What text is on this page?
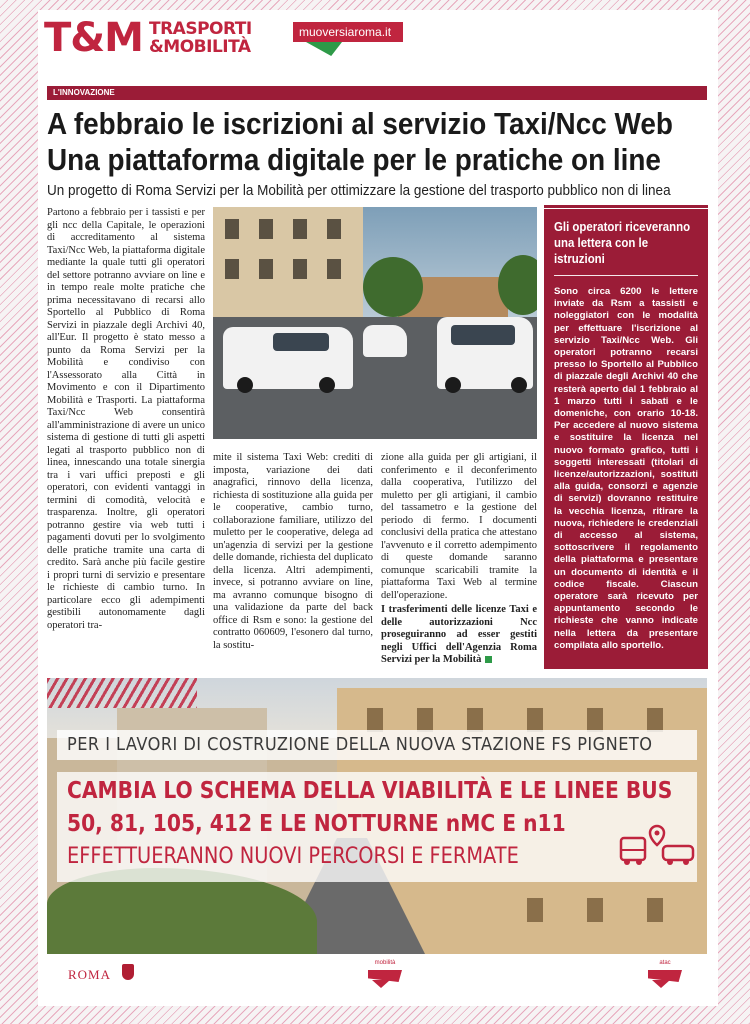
T&M TRASPORTI
&MOBILITÀ
muoversiaroma.it
L'INNOVAZIONE
A febbraio le iscrizioni al servizio Taxi/Ncc Web
Una piattaforma digitale per le pratiche on line
Un progetto di Roma Servizi per la Mobilità per ottimizzare la gestione del trasporto pubblico non di linea
Partono a febbraio per i tassisti e per gli ncc della Capitale, le operazioni di accreditamento al sistema Taxi/Ncc Web, la piattaforma digitale mediante la quale tutti gli operatori del settore potranno avviare on line e in tempo reale molte pratiche che prima necessitavano di recarsi allo Sportello al Pubblico di Roma Servizi in piazzale degli Archivi 40, all'Eur. Il progetto è stato messo a punto da Roma Servizi per la Mobilità e condiviso con l'Assessorato alla Città in Movimento e con il Dipartimento Mobilità e Trasporti. La piattaforma Taxi/Ncc Web consentirà all'amministrazione di avere un unico sistema di gestione di tutti gli aspetti legati al trasporto pubblico non di linea, innescando una totale sinergia tra i vari uffici preposti e gli operatori, con evidenti vantaggi in termini di comodità, velocità e trasparenza. Inoltre, gli operatori potranno gestire via web tutti i pagamenti dovuti per lo svolgimento delle pratiche tramite una carta di credito. Sarà anche più facile gestire i propri turni di servizio e presentare le richieste di cambio turno. In particolare ecco gli adempimenti gestibili autonomamente dagli operatori tra-
mite il sistema Taxi Web: crediti di imposta, variazione dei dati anagrafici, rinnovo della licenza, richiesta di sostituzione alla guida per le cooperative, cambio turno, collaborazione familiare, utilizzo del muletto per le cooperative, delega ad un'agenzia di servizi per la gestione delle domande, richiesta del duplicato della licenza. Altri adempimenti, invece, si potranno avviare on line, ma avranno comunque bisogno di una validazione da parte del back office di Rsm e sono: la gestione del contratto 060609, l'esonero dal turno, la sostitu-
zione alla guida per gli artigiani, il conferimento e il deconferimento dalla cooperativa, l'utilizzo del muletto per gli artigiani, il cambio del tassametro e la gestione del periodo di fermo. I documenti conclusivi della pratica che attestano l'avvenuto e il corretto adempimento di queste domande saranno comunque scaricabili tramite la piattaforma Taxi Web al termine dell'operazione.
I trasferimenti delle licenze Taxi e delle autorizzazioni Ncc proseguiranno ad esser gestiti negli Uffici dell'Agenzia Roma Servizi per la Mobilità
Gli operatori riceveranno una lettera con le istruzioni
Sono circa 6200 le lettere inviate da Rsm a tassisti e noleggiatori con le modalità per effettuare l'iscrizione al servizio Taxi/Ncc Web. Gli operatori potranno recarsi presso lo Sportello al Pubblico di piazzale degli Archivi 40 che resterà aperto dal 1 febbraio al 1 marzo tutti i sabati e le domeniche, con orario 10-18. Per accedere al nuovo sistema e sostituire la licenza nel nuovo formato grafico, tutti i soggetti interessati (titolari di licenze/autorizzazioni, sostituti alla guida, consorzi e agenzie di servizi) dovranno restituire la vecchia licenza, ritirare la nuova, richiedere le credenziali di accesso al sistema, sottoscrivere il regolamento della piattaforma e presentare un documento di identità e il codice fiscale. Ciascun operatore sarà ricevuto per appuntamento secondo le richieste che vanno indicate nella lettera da presentare compilata allo sportello.
PER I LAVORI DI COSTRUZIONE DELLA NUOVA STAZIONE FS PIGNETO
CAMBIA LO SCHEMA DELLA VIABILITÀ E LE LINEE BUS
50, 81, 105, 412 E LE NOTTURNE nMC E n11
EFFETTUERANNO NUOVI PERCORSI E FERMATE
ROMA
mobilità	atac
